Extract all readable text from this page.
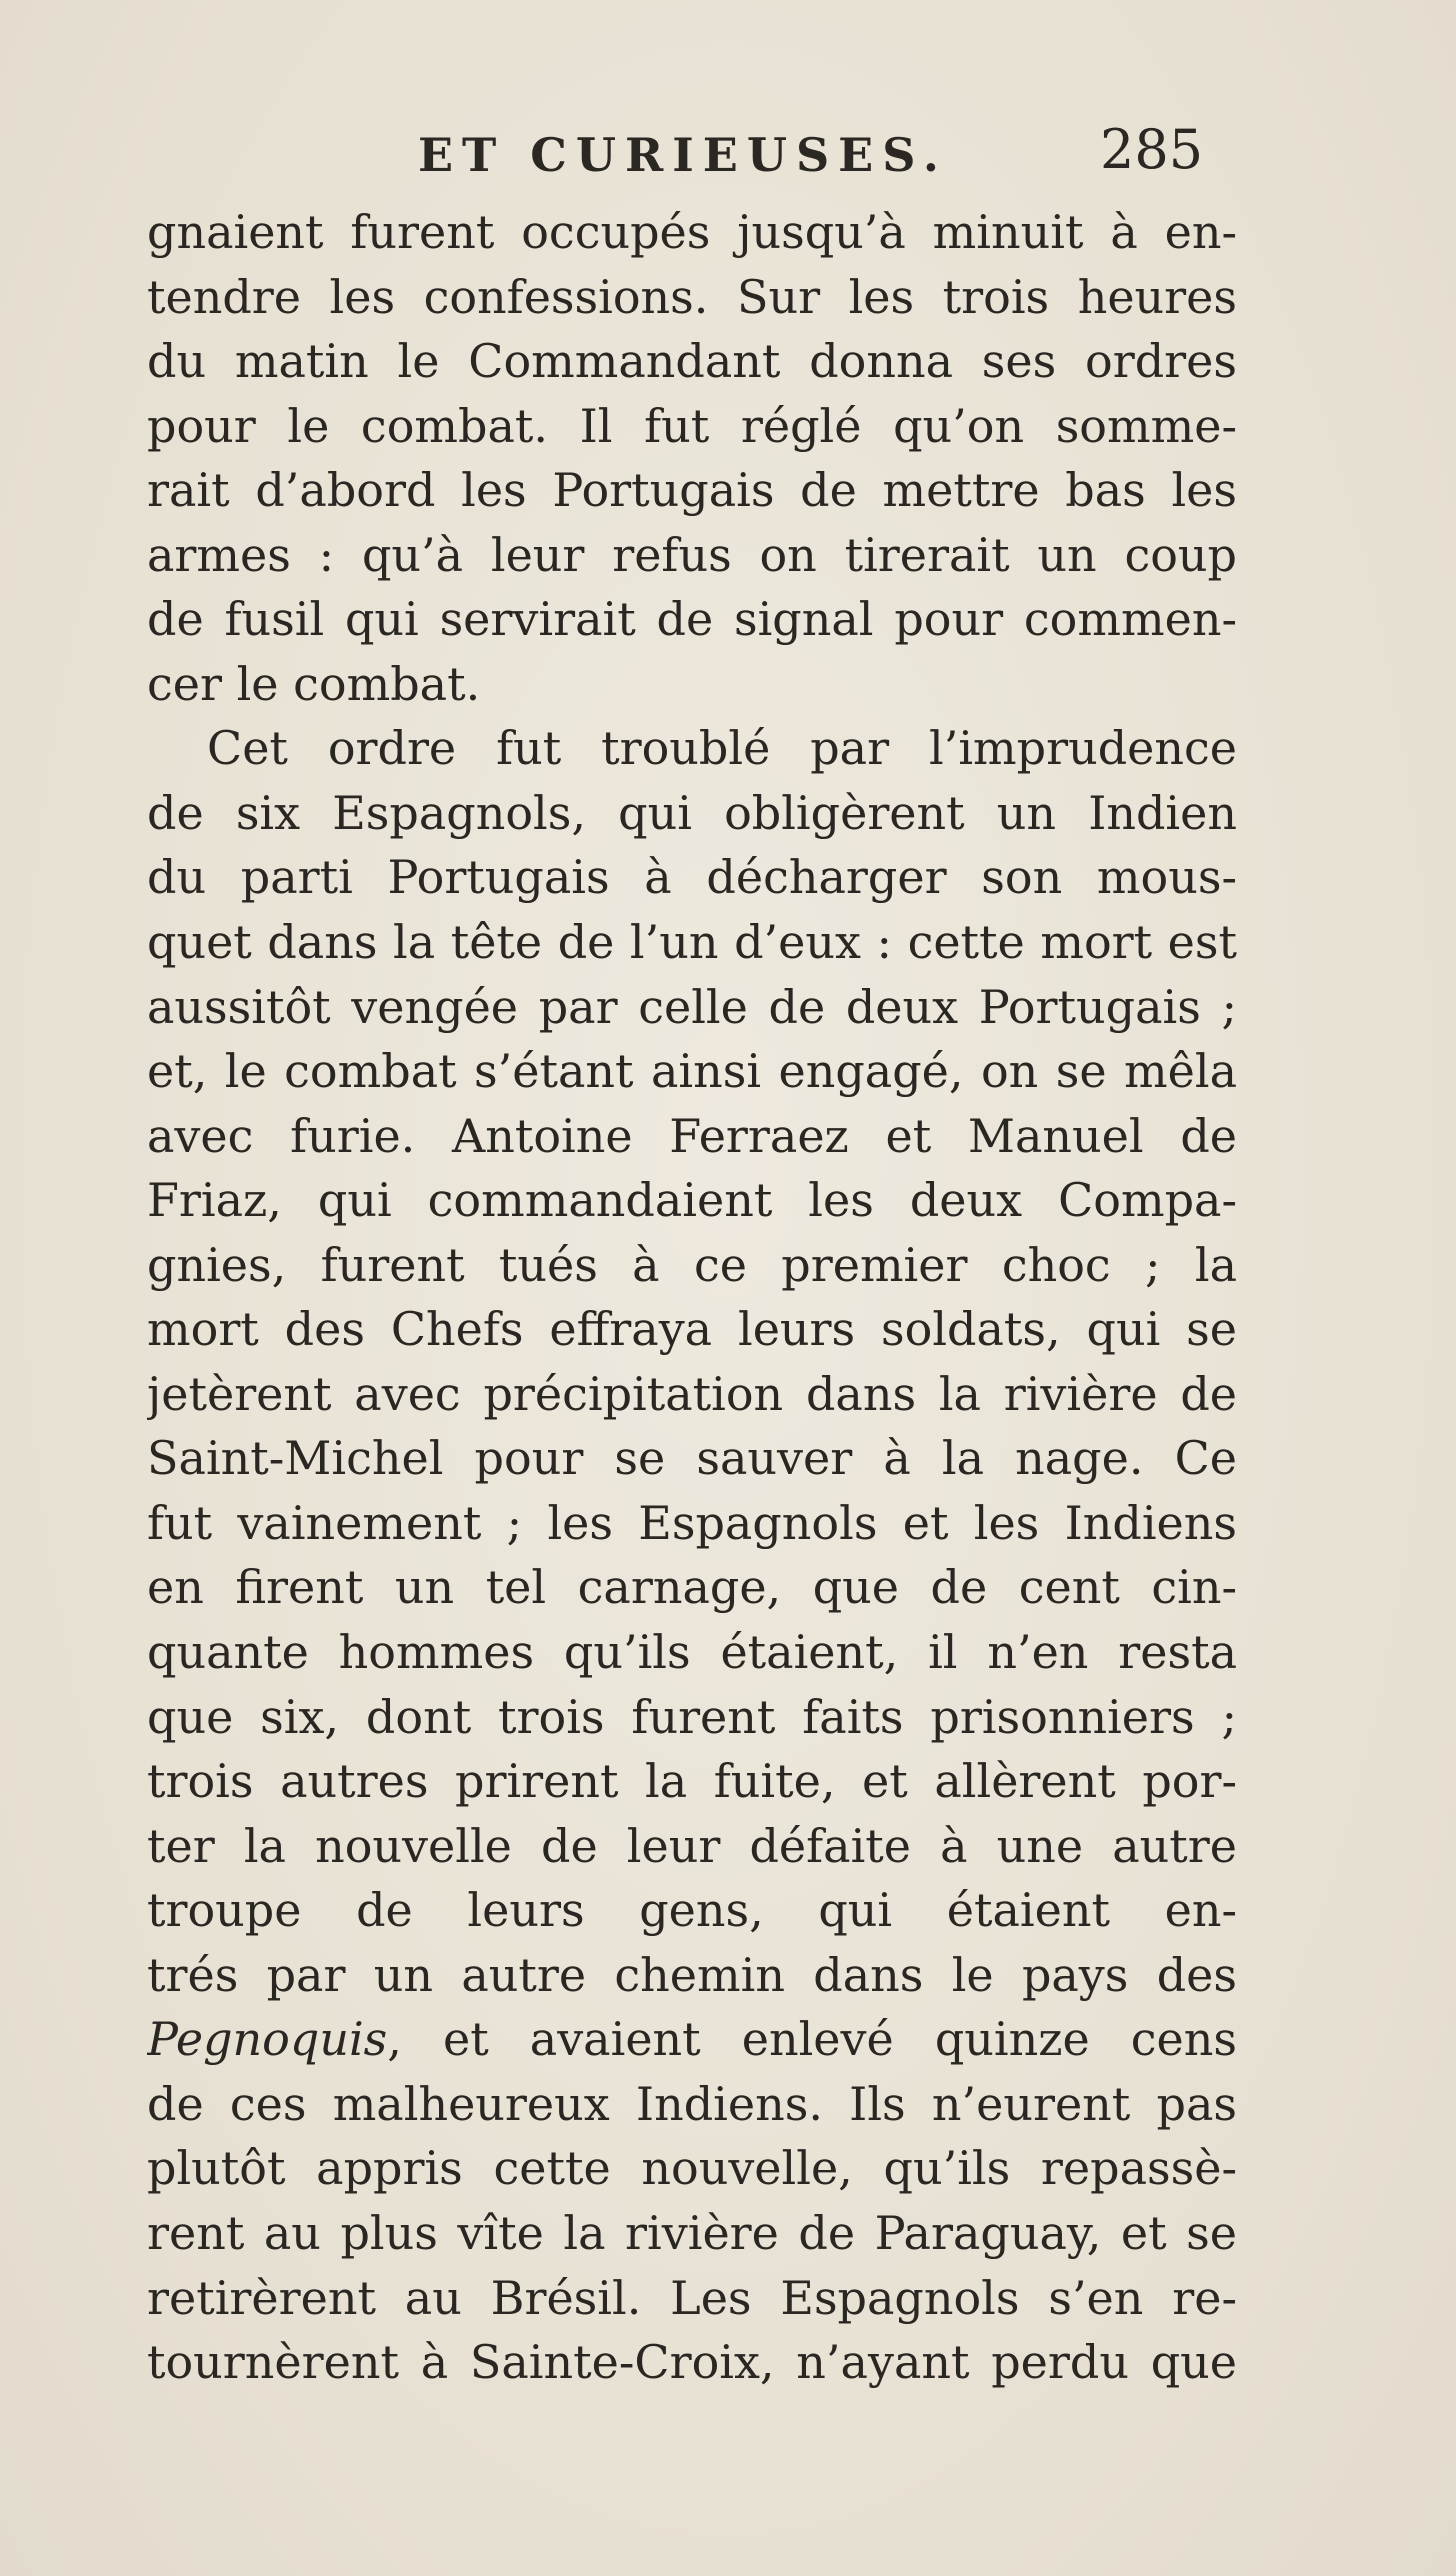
ET CURIEUSES.	285
gnaient furent occupés jusqu’à minuit à en-
tendre les confessions. Sur les trois heures
du matin le Commandant donna ses ordres
pour le combat. Il fut réglé qu’on somme-
rait d’abord les Portugais de mettre bas les
armes : qu’à leur refus on tirerait un coup
de fusil qui servirait de signal pour commen-
cer le combat.
Cet ordre fut troublé par l’imprudence
de six Espagnols, qui obligèrent un Indien
du parti Portugais à décharger son mous-
quet dans la tête de l’un d’eux : cette mort est
aussitôt vengée par celle de deux Portugais ;
et, le combat s’étant ainsi engagé, on se mêla
avec furie. Antoine Ferraez et Manuel de
Friaz, qui commandaient les deux Compa-
gnies, furent tués à ce premier choc ; la
mort des Chefs effraya leurs soldats, qui se
jetèrent avec précipitation dans la rivière de
Saint-Michel pour se sauver à la nage. Ce
fut vainement ; les Espagnols et les Indiens
en firent un tel carnage, que de cent cin-
quante hommes qu’ils étaient, il n’en resta
que six, dont trois furent faits prisonniers ;
trois autres prirent la fuite, et allèrent por-
ter la nouvelle de leur défaite à une autre
troupe de leurs gens, qui étaient en-
trés par un autre chemin dans le pays des
Pegnoquis, et avaient enlevé quinze cens
de ces malheureux Indiens. Ils n’eurent pas
plutôt appris cette nouvelle, qu’ils repassè-
rent au plus vîte la rivière de Paraguay, et se
retirèrent au Brésil. Les Espagnols s’en re-
tournèrent à Sainte-Croix, n’ayant perdu que
